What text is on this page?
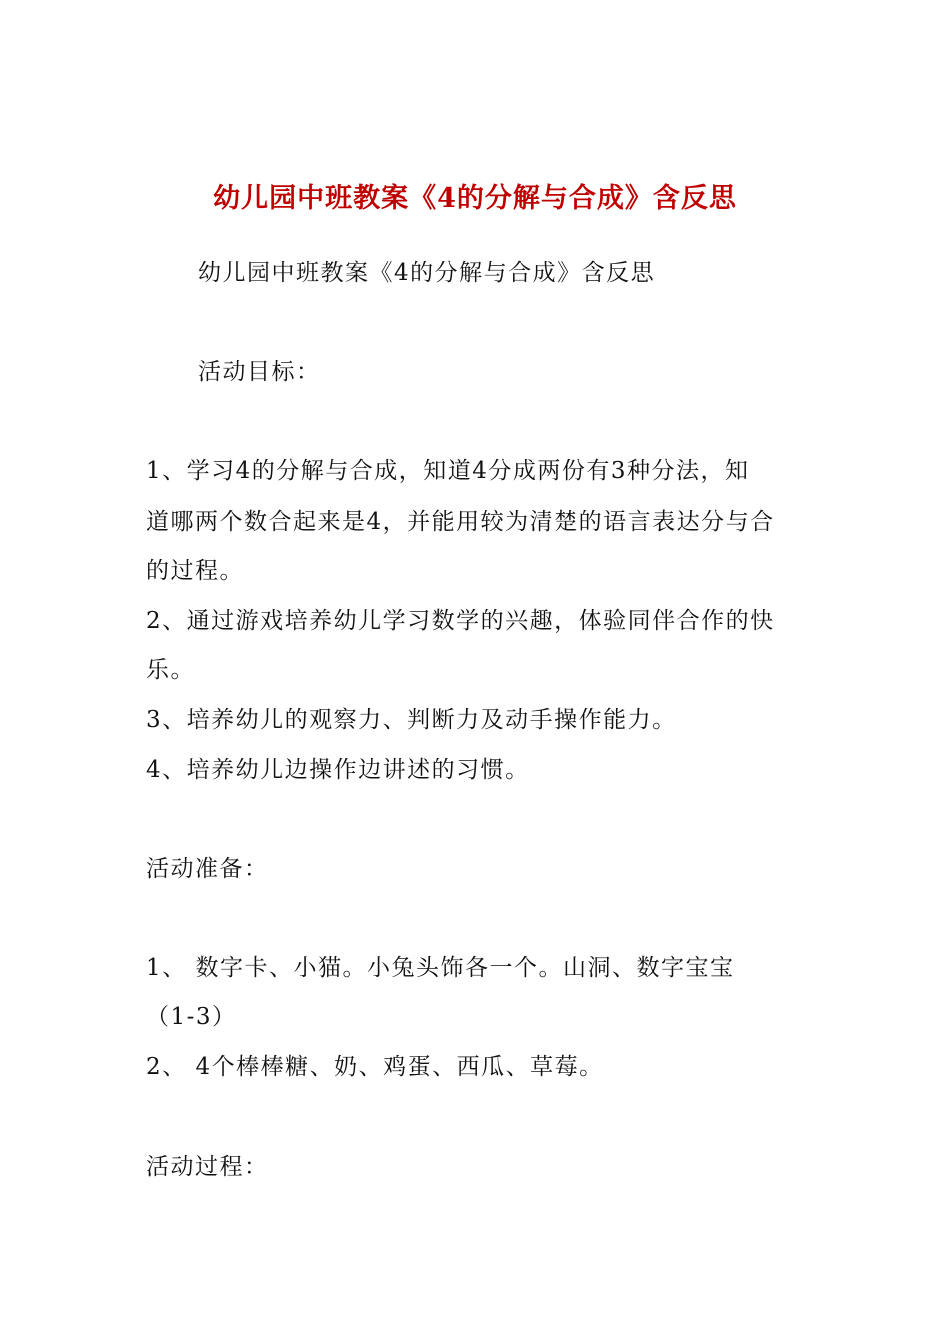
幼儿园中班教案《4的分解与合成》含反思
幼儿园中班教案《4的分解与合成》含反思
活动目标：
1、学习4的分解与合成，知道4分成两份有3种分法，知
道哪两个数合起来是4，并能用较为清楚的语言表达分与合
的过程。
2、通过游戏培养幼儿学习数学的兴趣，体验同伴合作的快
乐。
3、培养幼儿的观察力、判断力及动手操作能力。
4、培养幼儿边操作边讲述的习惯。
活动准备：
1、 数字卡、小猫。小兔头饰各一个。山洞、数字宝宝
（1-3）
2、 4个棒棒糖、奶、鸡蛋、西瓜、草莓。
活动过程：
